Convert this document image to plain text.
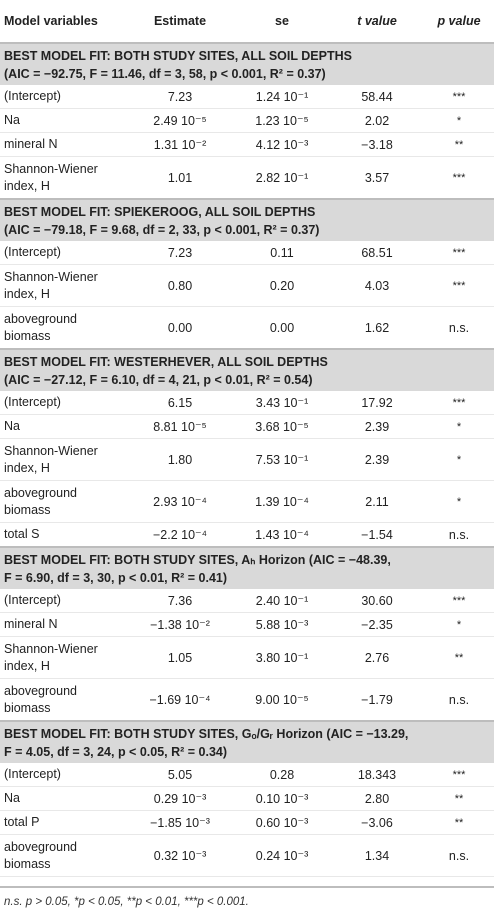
Model variables	Estimate	se	t value	p value

BEST MODEL FIT: BOTH STUDY SITES, ALL SOIL DEPTHS
(AIC = −92.75, F = 11.46, df = 3, 58, p < 0.001, R² = 0.37)				

(Intercept)	7.23	1.24 10⁻¹	58.44	***
Na	2.49 10⁻⁵	1.23 10⁻⁵	2.02	*
mineral N	1.31 10⁻²	4.12 10⁻³	−3.18	**
Shannon-Wiener index, H	1.01	2.82 10⁻¹	3.57	***

BEST MODEL FIT: SPIEKEROOG, ALL SOIL DEPTHS
(AIC = −79.18, F = 9.68, df = 2, 33, p < 0.001, R² = 0.37)				

(Intercept)	7.23	0.11	68.51	***
Shannon-Wiener index, H	0.80	0.20	4.03	***
aboveground biomass	0.00	0.00	1.62	n.s.

BEST MODEL FIT: WESTERHEVER, ALL SOIL DEPTHS
(AIC = −27.12, F = 6.10, df = 4, 21, p < 0.01, R² = 0.54)				

(Intercept)	6.15	3.43 10⁻¹	17.92	***
Na	8.81 10⁻⁵	3.68 10⁻⁵	2.39	*
Shannon-Wiener index, H	1.80	7.53 10⁻¹	2.39	*
aboveground biomass	2.93 10⁻⁴	1.39 10⁻⁴	2.11	*
total S	−2.2 10⁻⁴	1.43 10⁻⁴	−1.54	n.s.

BEST MODEL FIT: BOTH STUDY SITES, Aₕ Horizon (AIC = −48.39,
F = 6.90, df = 3, 30, p < 0.01, R² = 0.41)				

(Intercept)	7.36	2.40 10⁻¹	30.60	***
mineral N	−1.38 10⁻²	5.88 10⁻³	−2.35	*
Shannon-Wiener index, H	1.05	3.80 10⁻¹	2.76	**
aboveground biomass	−1.69 10⁻⁴	9.00 10⁻⁵	−1.79	n.s.

BEST MODEL FIT: BOTH STUDY SITES, Gₒ/Gᵣ Horizon (AIC = −13.29,
F = 4.05, df = 3, 24, p < 0.05, R² = 0.34)				

(Intercept)	5.05	0.28	18.343	***
Na	0.29 10⁻³	0.10 10⁻³	2.80	**
total P	−1.85 10⁻³	0.60 10⁻³	−3.06	**
aboveground biomass	0.32 10⁻³	0.24 10⁻³	1.34	n.s.
n.s. p > 0.05, *p < 0.05, **p < 0.01, ***p < 0.001.
